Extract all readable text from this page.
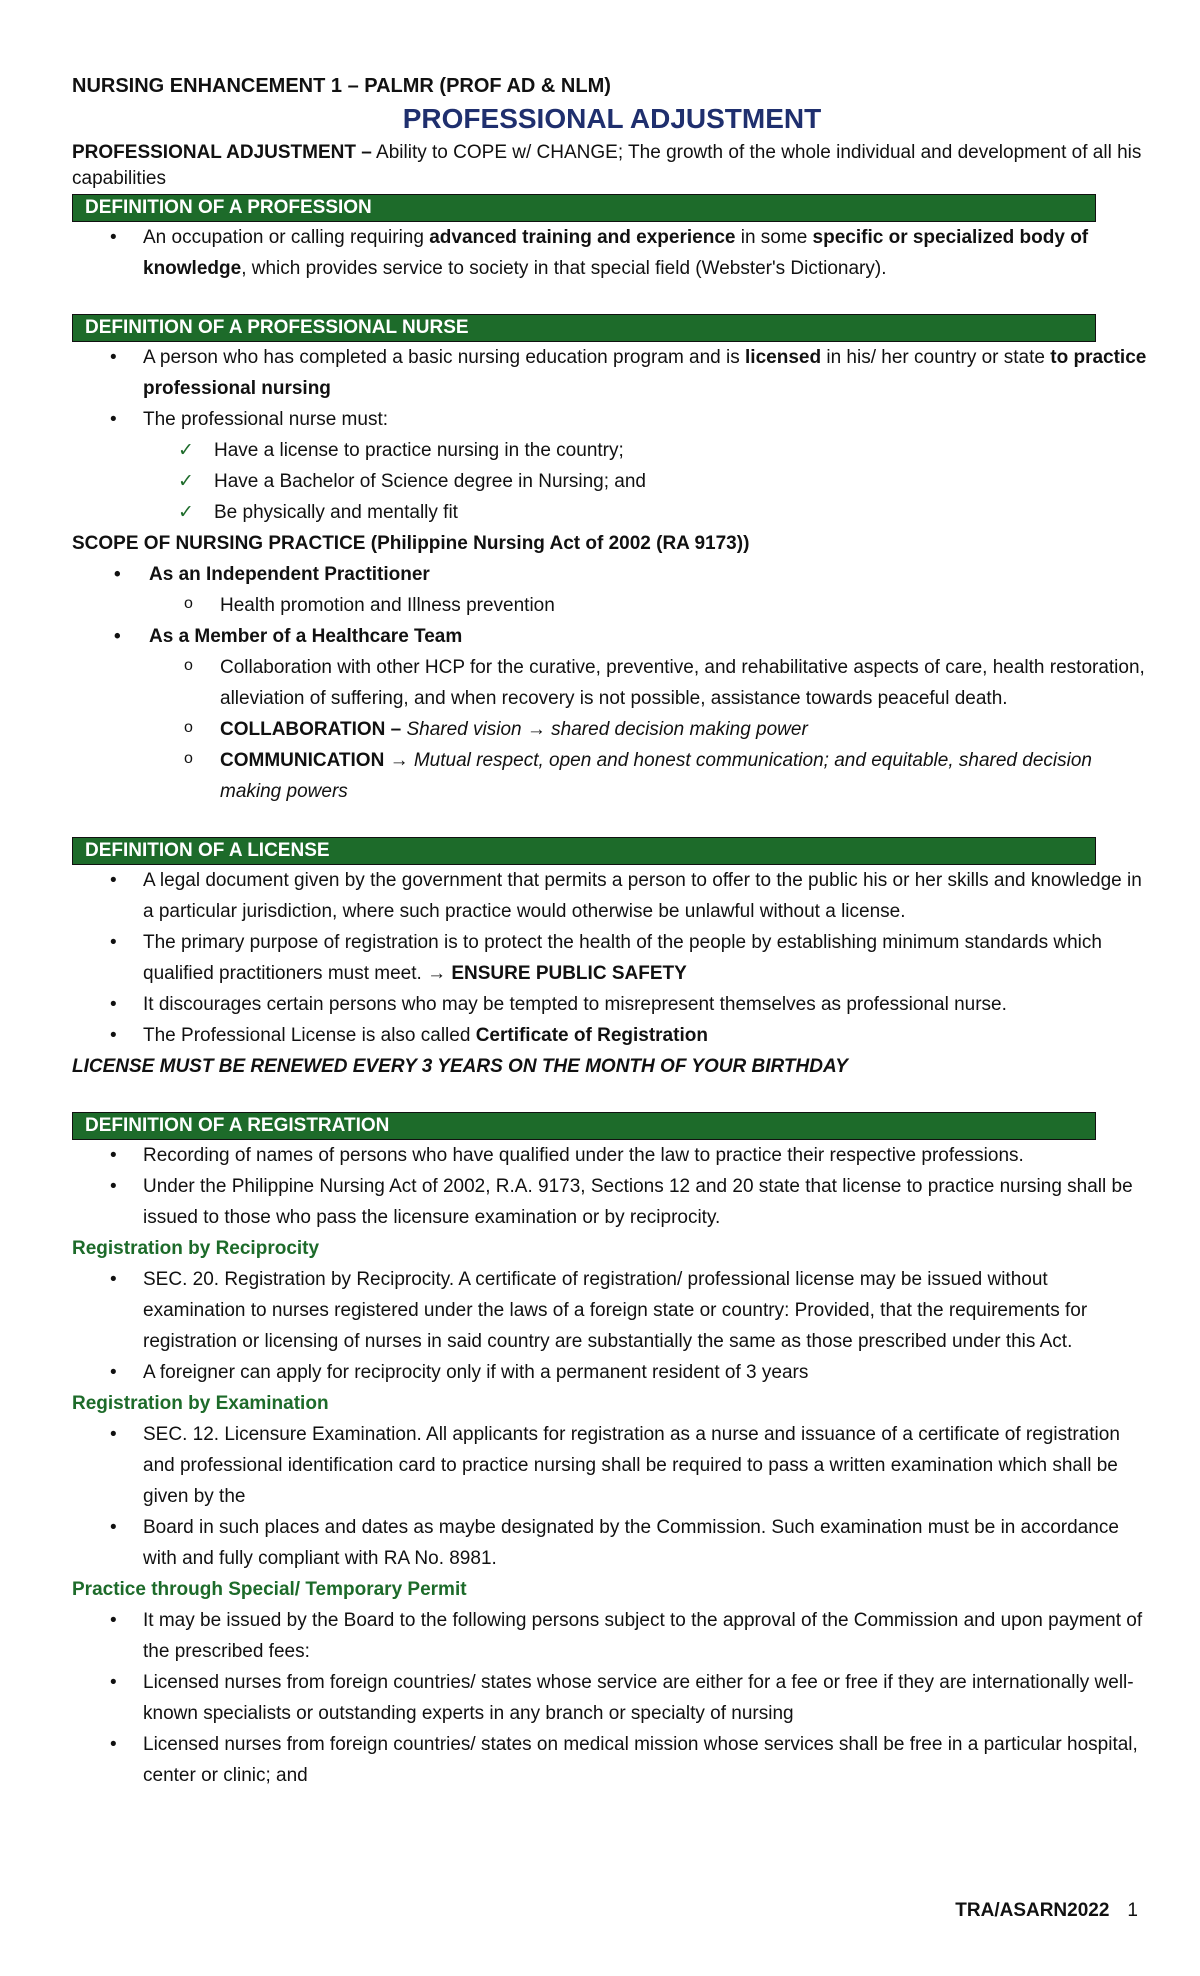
NURSING ENHANCEMENT 1 – PALMR (PROF AD & NLM)
PROFESSIONAL ADJUSTMENT
PROFESSIONAL ADJUSTMENT – Ability to COPE w/ CHANGE; The growth of the whole individual and development of all his capabilities
DEFINITION OF A PROFESSION
• An occupation or calling requiring advanced training and experience in some specific or specialized body of knowledge, which provides service to society in that special field (Webster's Dictionary).
DEFINITION OF A PROFESSIONAL NURSE
• A person who has completed a basic nursing education program and is licensed in his/ her country or state to practice professional nursing
• The professional nurse must:
✓ Have a license to practice nursing in the country;
✓ Have a Bachelor of Science degree in Nursing; and
✓ Be physically and mentally fit
SCOPE OF NURSING PRACTICE (Philippine Nursing Act of 2002 (RA 9173))
• As an Independent Practitioner
o Health promotion and Illness prevention
• As a Member of a Healthcare Team
o Collaboration with other HCP for the curative, preventive, and rehabilitative aspects of care, health restoration, alleviation of suffering, and when recovery is not possible, assistance towards peaceful death.
o COLLABORATION – Shared vision → shared decision making power
o COMMUNICATION → Mutual respect, open and honest communication; and equitable, shared decision making powers
DEFINITION OF A LICENSE
• A legal document given by the government that permits a person to offer to the public his or her skills and knowledge in a particular jurisdiction, where such practice would otherwise be unlawful without a license.
• The primary purpose of registration is to protect the health of the people by establishing minimum standards which qualified practitioners must meet. → ENSURE PUBLIC SAFETY
• It discourages certain persons who may be tempted to misrepresent themselves as professional nurse.
• The Professional License is also called Certificate of Registration
LICENSE MUST BE RENEWED EVERY 3 YEARS ON THE MONTH OF YOUR BIRTHDAY
DEFINITION OF A REGISTRATION
• Recording of names of persons who have qualified under the law to practice their respective professions.
• Under the Philippine Nursing Act of 2002, R.A. 9173, Sections 12 and 20 state that license to practice nursing shall be issued to those who pass the licensure examination or by reciprocity.
Registration by Reciprocity
• SEC. 20. Registration by Reciprocity. A certificate of registration/ professional license may be issued without examination to nurses registered under the laws of a foreign state or country: Provided, that the requirements for registration or licensing of nurses in said country are substantially the same as those prescribed under this Act.
• A foreigner can apply for reciprocity only if with a permanent resident of 3 years
Registration by Examination
• SEC. 12. Licensure Examination. All applicants for registration as a nurse and issuance of a certificate of registration and professional identification card to practice nursing shall be required to pass a written examination which shall be given by the
• Board in such places and dates as maybe designated by the Commission. Such examination must be in accordance with and fully compliant with RA No. 8981.
Practice through Special/ Temporary Permit
• It may be issued by the Board to the following persons subject to the approval of the Commission and upon payment of the prescribed fees:
• Licensed nurses from foreign countries/ states whose service are either for a fee or free if they are internationally well-known specialists or outstanding experts in any branch or specialty of nursing
• Licensed nurses from foreign countries/ states on medical mission whose services shall be free in a particular hospital, center or clinic; and
TRA/ASARN2022 1
